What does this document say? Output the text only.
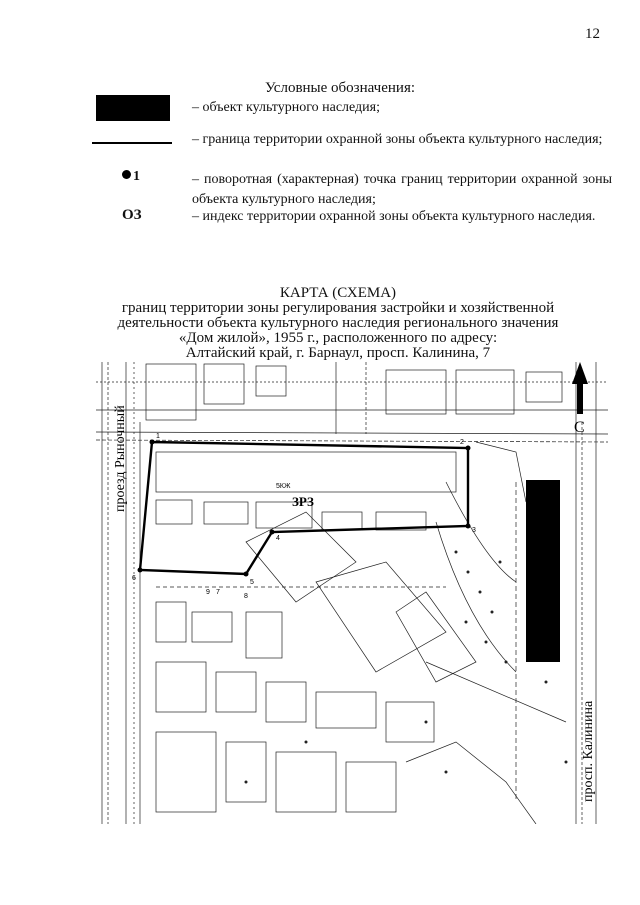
12
Условные обозначения:
– объект культурного наследия;
– граница территории охранной зоны объекта культурного наследия;
1	– поворотная (характерная) точка границ территории охранной зоны объекта культурного наследия;
ОЗ	– индекс территории охранной зоны объекта культурного наследия.
КАРТА (СХЕМА)
границ территории зоны регулирования застройки и хозяйственной
деятельности объекта культурного наследия регионального значения
«Дом жилой», 1955 г., расположенного по адресу:
Алтайский край, г. Барнаул, просп. Калинина, 7
1
2
3
4
5
6
7
8
9
5КЖ
ЗРЗ
проезд Рыночный
просп. Калинина
С
